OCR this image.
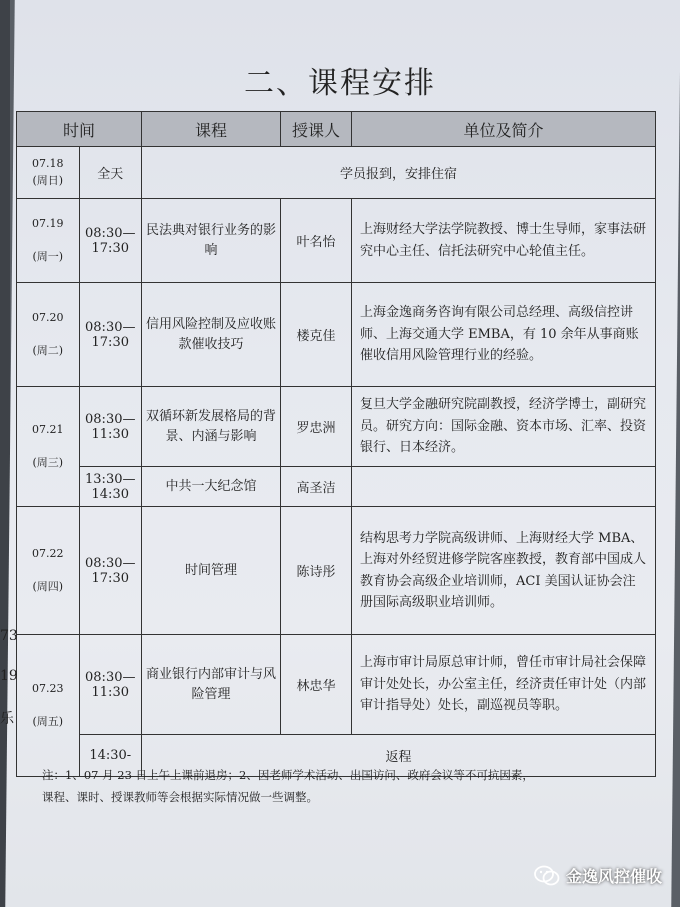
二、课程安排
时间		课程	授课人	单位及简介
07.18
(周日)	全天	学员报到，安排住宿		
07.19

(周一)	08:30—17:30	民法典对银行业务的影响	叶名怡	上海财经大学法学院教授、博士生导师，家事法研究中心主任、信托法研究中心轮值主任。
07.20

(周二)	08:30—17:30	信用风险控制及应收账款催收技巧	楼克佳	上海金逸商务咨询有限公司总经理、高级信控讲师、上海交通大学 EMBA，有 10 余年从事商账催收信用风险管理行业的经验。
07.21

(周三)	08:30—11:30	双循环新发展格局的背景、内涵与影响	罗忠洲	复旦大学金融研究院副教授，经济学博士，副研究员。研究方向：国际金融、资本市场、汇率、投资银行、日本经济。
	13:30—14:30	中共一大纪念馆	高圣洁	
07.22

(周四)	08:30—17:30	时间管理	陈诗彤	结构思考力学院高级讲师、上海财经大学 MBA、上海对外经贸进修学院客座教授，教育部中国成人教育协会高级企业培训师，ACI 美国认证协会注册国际高级职业培训师。
07.23

(周五)	08:30—11:30	商业银行内部审计与风险管理	林忠华	上海市审计局原总审计师，曾任市审计局社会保障审计处处长，办公室主任，经济责任审计处（内部审计指导处）处长，副巡视员等职。
	14:30-	返程		
注：1、07 月 23 日上午上课前退房；2、因老师学术活动、出国访问、政府会议等不可抗因素，
课程、课时、授课教师等会根据实际情况做一些调整。
73
19
乐
金逸风控催收
